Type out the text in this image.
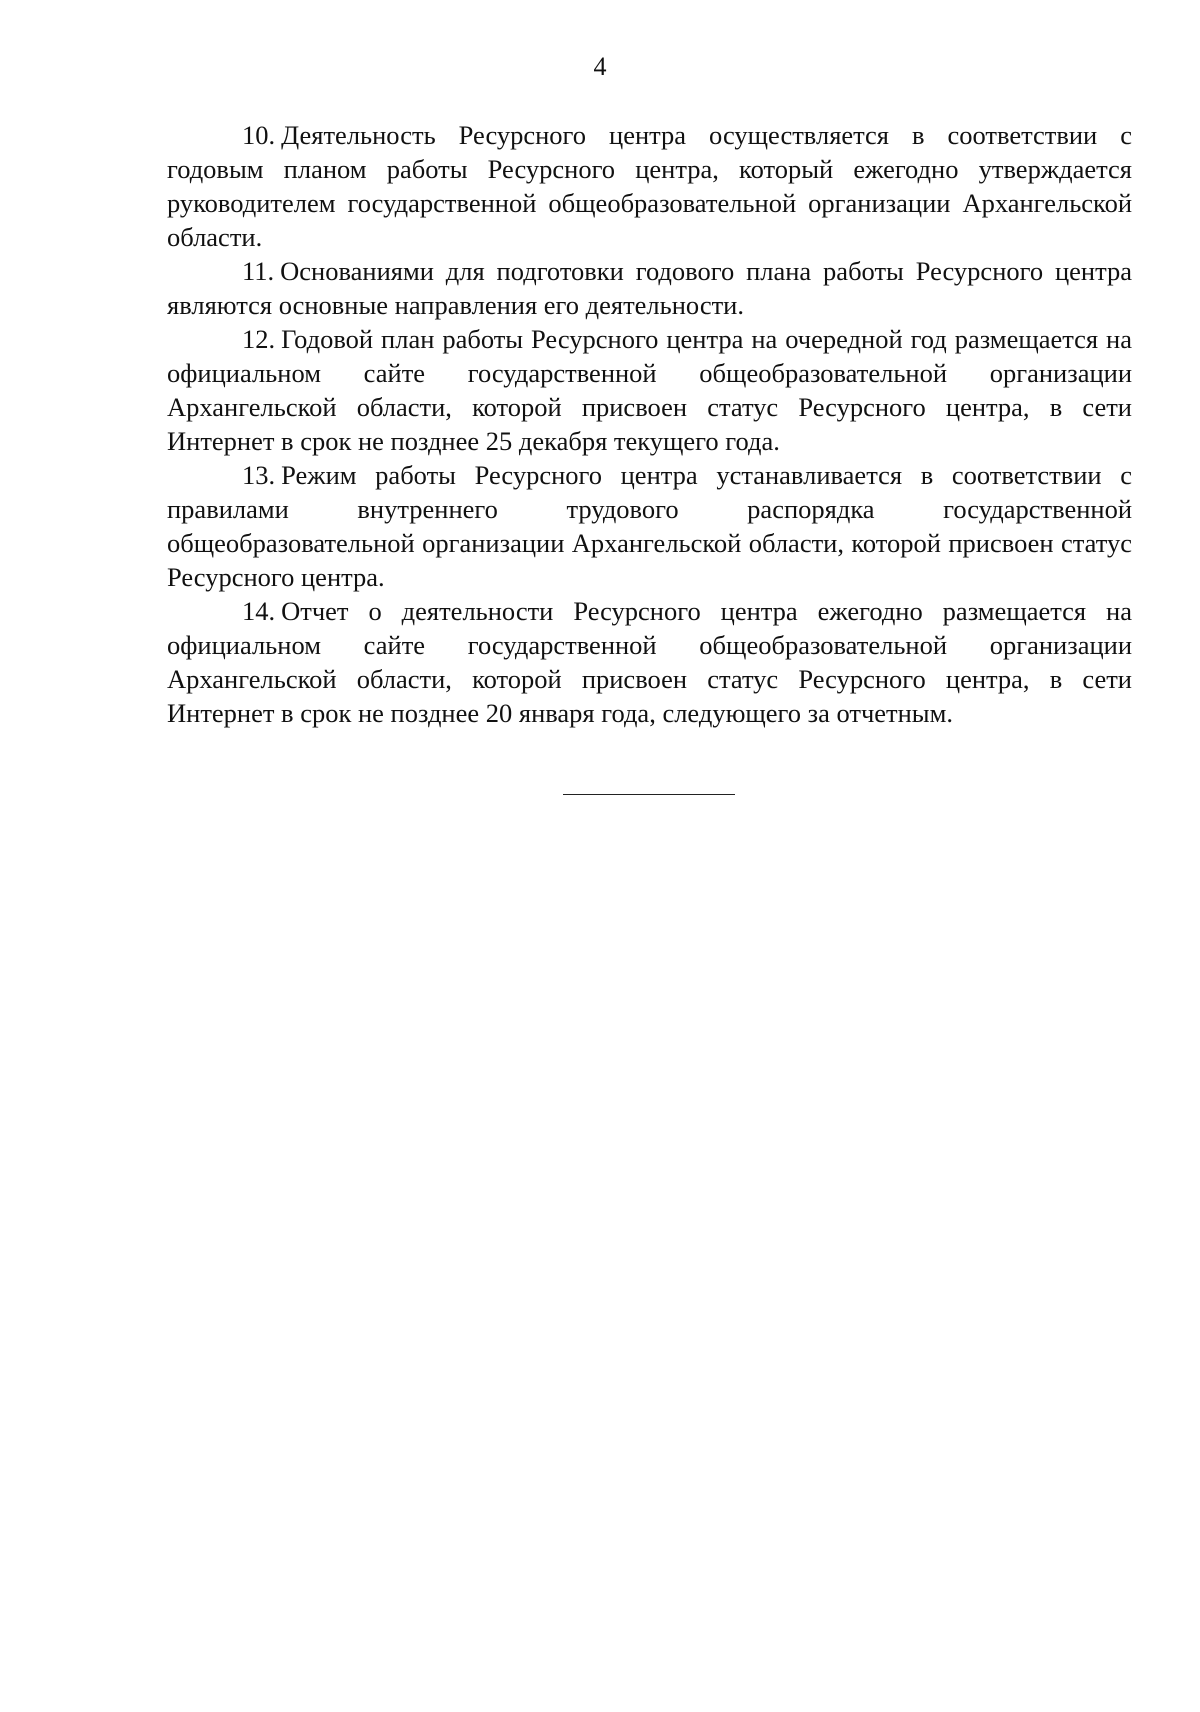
4

10. Деятельность Ресурсного центра осуществляется в соответствии с годовым планом работы Ресурсного центра, который ежегодно утверждается руководителем государственной общеобразовательной организации Архангельской области.

11. Основаниями для подготовки годового плана работы Ресурсного центра являются основные направления его деятельности.

12. Годовой план работы Ресурсного центра на очередной год размещается на официальном сайте государственной общеобразовательной организации Архангельской области, которой присвоен статус Ресурсного центра, в сети Интернет в срок не позднее 25 декабря текущего года.

13. Режим работы Ресурсного центра устанавливается в соответствии с правилами внутреннего трудового распорядка государственной общеобразовательной организации Архангельской области, которой присвоен статус Ресурсного центра.

14. Отчет о деятельности Ресурсного центра ежегодно размещается на официальном сайте государственной общеобразовательной организации Архангельской области, которой присвоен статус Ресурсного центра, в сети Интернет в срок не позднее 20 января года, следующего за отчетным.
